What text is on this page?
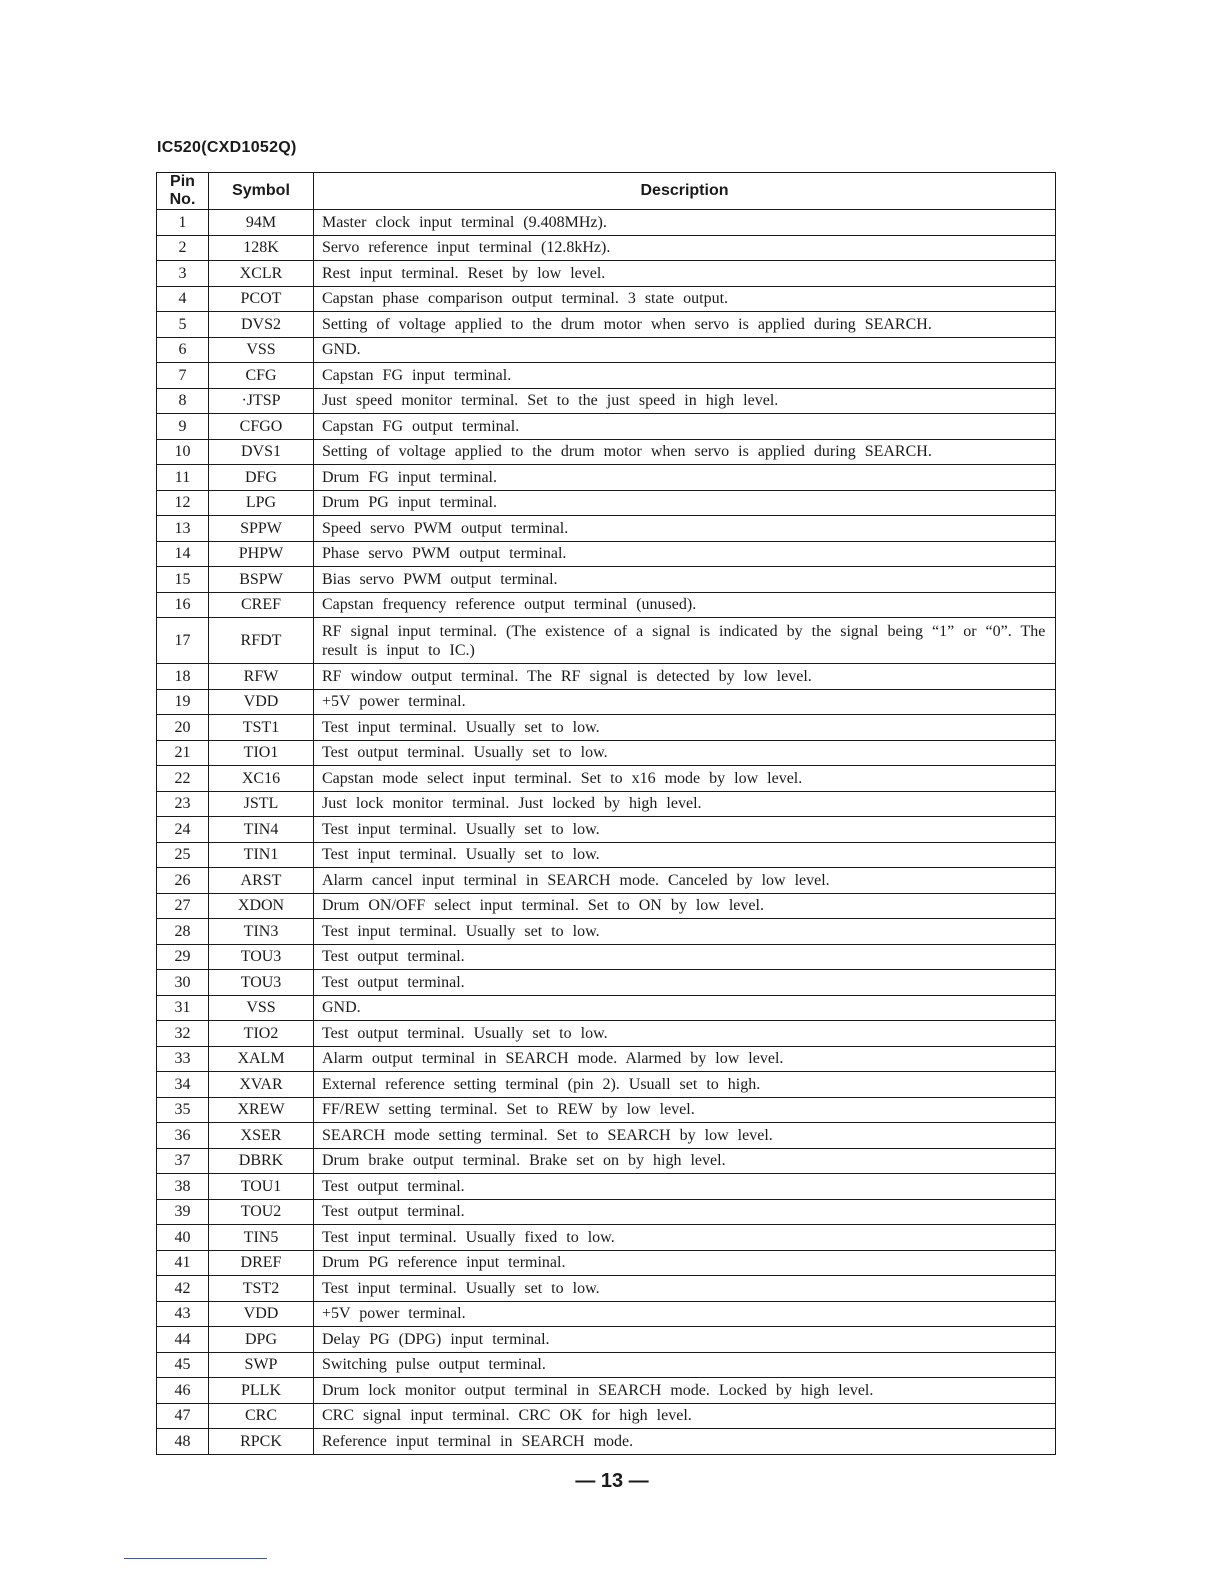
IC520(CXD1052Q)
Pin No.	Symbol	Description
1	94M	Master clock input terminal (9.408MHz).
2	128K	Servo reference input terminal (12.8kHz).
3	XCLR	Rest input terminal. Reset by low level.
4	PCOT	Capstan phase comparison output terminal. 3 state output.
5	DVS2	Setting of voltage applied to the drum motor when servo is applied during SEARCH.
6	VSS	GND.
7	CFG	Capstan FG input terminal.
8	·JTSP	Just speed monitor terminal. Set to the just speed in high level.
9	CFGO	Capstan FG output terminal.
10	DVS1	Setting of voltage applied to the drum motor when servo is applied during SEARCH.
11	DFG	Drum FG input terminal.
12	LPG	Drum PG input terminal.
13	SPPW	Speed servo PWM output terminal.
14	PHPW	Phase servo PWM output terminal.
15	BSPW	Bias servo PWM output terminal.
16	CREF	Capstan frequency reference output terminal (unused).
17	RFDT	RF signal input terminal. (The existence of a signal is indicated by the signal being “1” or “0”. The result is input to IC.)
18	RFW	RF window output terminal. The RF signal is detected by low level.
19	VDD	+5V power terminal.
20	TST1	Test input terminal. Usually set to low.
21	TIO1	Test output terminal. Usually set to low.
22	XC16	Capstan mode select input terminal. Set to x16 mode by low level.
23	JSTL	Just lock monitor terminal. Just locked by high level.
24	TIN4	Test input terminal. Usually set to low.
25	TIN1	Test input terminal. Usually set to low.
26	ARST	Alarm cancel input terminal in SEARCH mode. Canceled by low level.
27	XDON	Drum ON/OFF select input terminal. Set to ON by low level.
28	TIN3	Test input terminal. Usually set to low.
29	TOU3	Test output terminal.
30	TOU3	Test output terminal.
31	VSS	GND.
32	TIO2	Test output terminal. Usually set to low.
33	XALM	Alarm output terminal in SEARCH mode. Alarmed by low level.
34	XVAR	External reference setting terminal (pin 2). Usuall set to high.
35	XREW	FF/REW setting terminal. Set to REW by low level.
36	XSER	SEARCH mode setting terminal. Set to SEARCH by low level.
37	DBRK	Drum brake output terminal. Brake set on by high level.
38	TOU1	Test output terminal.
39	TOU2	Test output terminal.
40	TIN5	Test input terminal. Usually fixed to low.
41	DREF	Drum PG reference input terminal.
42	TST2	Test input terminal. Usually set to low.
43	VDD	+5V power terminal.
44	DPG	Delay PG (DPG) input terminal.
45	SWP	Switching pulse output terminal.
46	PLLK	Drum lock monitor output terminal in SEARCH mode. Locked by high level.
47	CRC	CRC signal input terminal. CRC OK for high level.
48	RPCK	Reference input terminal in SEARCH mode.
— 13 —
